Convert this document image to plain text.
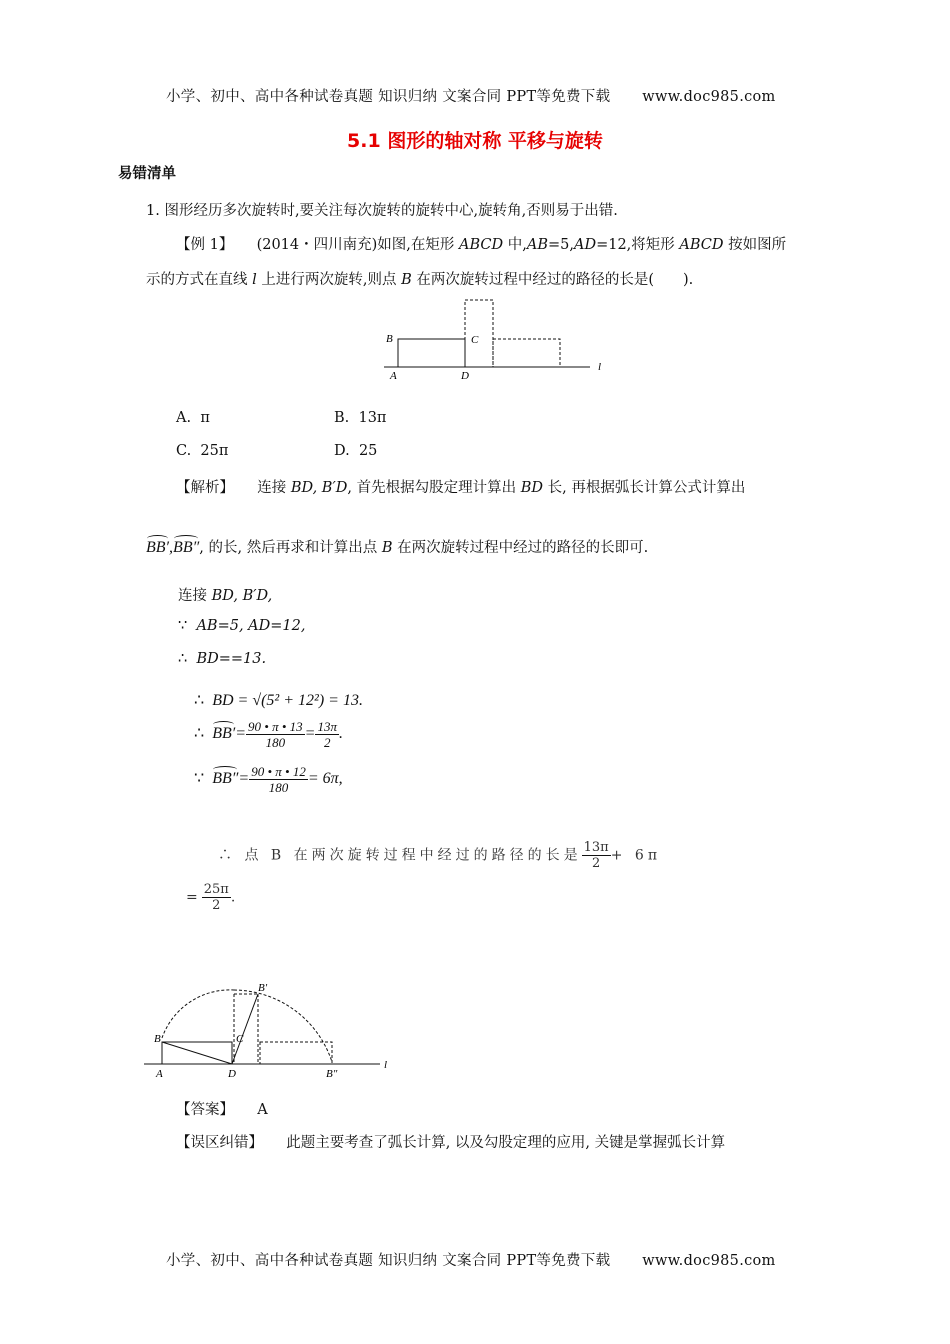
小学、初中、高中各种试卷真题 知识归纳 文案合同 PPT等免费下载 www.doc985.com
5.1 图形的轴对称 平移与旋转
易错清单
1. 图形经历多次旋转时,要关注每次旋转的旋转中心,旋转角,否则易于出错.
【例 1】 (2014・四川南充)如图,在矩形 ABCD 中,AB=5,AD=12,将矩形 ABCD 按如图所
示的方式在直线 l 上进行两次旋转,则点 B 在两次旋转过程中经过的路径的长是(　　).
B	C
A	D
l
A. π	B. 13π
C. 25π	D. 25
【解析】 连接 BD, B′D, 首先根据勾股定理计算出 BD 长, 再根据弧长计算公式计算出
BB′,BB″, 的长, 然后再求和计算出点 B 在两次旋转过程中经过的路径的长即可.
连接 BD, B′D,
∵ AB=5, AD=12,
∴ BD==13.
∴ BD = √(5² + 12²) = 13.
∴ $BB'= \frac{90 • \pi • 13}{180} = \frac{13\pi}{2}$ .
∵ $BB''= \frac{90 • \pi • 12}{180} = 6\pi$,
∴ 点 B 在两次旋转过程中经过的路径的长是 $\frac{13\pi}{2} + 6\pi$
= $\frac{25\pi}{2}$ .
B′
B	C
A	D	B″
l
【答案】 A
【误区纠错】 此题主要考查了弧长计算, 以及勾股定理的应用, 关键是掌握弧长计算
小学、初中、高中各种试卷真题 知识归纳 文案合同 PPT等免费下载 www.doc985.com
